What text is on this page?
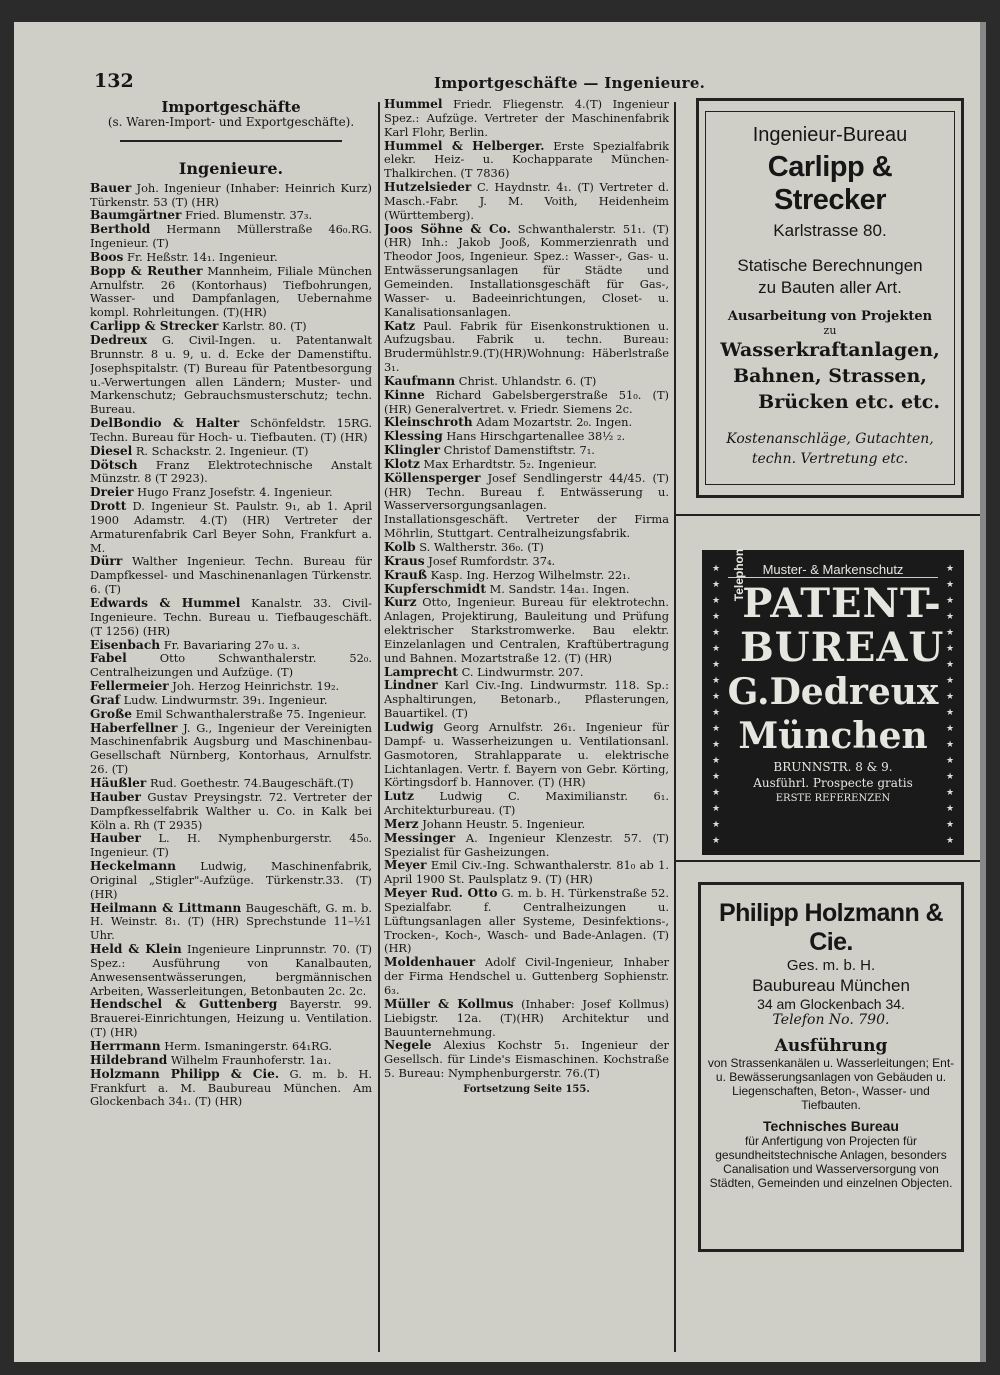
132	Importgeschäfte — Ingenieure.

Importgeschäfte

(s. Waren-Import- und Exportgeschäfte).

Ingenieure.

Bauer Joh. Ingenieur (Inhaber: Heinrich Kurz) Türkenstr. 53 (T) (HR)

Baumgärtner Fried. Blumenstr. 37₃.

Berthold Hermann Müllerstraße 46₀.RG. Ingenieur. (T)

Boos Fr. Heßstr. 14₁. Ingenieur.

Bopp & Reuther Mannheim, Filiale München Arnulfstr. 26 (Kontorhaus) Tiefbohrungen, Wasser- und Dampfanlagen, Uebernahme kompl. Rohrleitungen. (T)(HR)

Carlipp & Strecker Karlstr. 80. (T)

Dedreux G. Civil-Ingen. u. Patentanwalt Brunnstr. 8 u. 9, u. d. Ecke der Damenstiftu. Josephspitalstr. (T) Bureau für Patentbesorgung u.-Verwertungen allen Ländern; Muster- und Markenschutz; Gebrauchsmusterschutz; techn. Bureau.

DelBondio & Halter Schönfeldstr. 15RG. Techn. Bureau für Hoch- u. Tiefbauten. (T) (HR)

Diesel R. Schackstr. 2. Ingenieur. (T)

Dötsch Franz Elektrotechnische Anstalt Münzstr. 8 (T 2923).

Dreier Hugo Franz Josefstr. 4. Ingenieur.

Drott D. Ingenieur St. Paulstr. 9₁, ab 1. April 1900 Adamstr. 4.(T) (HR) Vertreter der Armaturenfabrik Carl Beyer Sohn, Frankfurt a. M.

Dürr Walther Ingenieur. Techn. Bureau für Dampfkessel- und Maschinenanlagen Türkenstr. 6. (T)

Edwards & Hummel Kanalstr. 33. Civil-Ingenieure. Techn. Bureau u. Tiefbaugeschäft. (T 1256) (HR)

Eisenbach Fr. Bavariaring 27₀ u. ₃.

Fabel Otto Schwanthalerstr. 52₀. Centralheizungen und Aufzüge. (T)

Fellermeier Joh. Herzog Heinrichstr. 19₂.

Graf Ludw. Lindwurmstr. 39₁. Ingenieur.

Große Emil Schwanthalerstraße 75. Ingenieur.

Haberfellner J. G., Ingenieur der Vereinigten Maschinenfabrik Augsburg und Maschinenbau-Gesellschaft Nürnberg, Kontorhaus, Arnulfstr. 26. (T)

Häußler Rud. Goethestr. 74.Baugeschäft.(T)

Hauber Gustav Preysingstr. 72. Vertreter der Dampfkesselfabrik Walther u. Co. in Kalk bei Köln a. Rh (T 2935)

Hauber L. H. Nymphenburgerstr. 45₀. Ingenieur. (T)

Heckelmann Ludwig, Maschinenfabrik, Original „Stigler"-Aufzüge. Türkenstr.33. (T) (HR)

Heilmann & Littmann Baugeschäft, G. m. b. H. Weinstr. 8₁. (T) (HR) Sprechstunde 11–½1 Uhr.

Held & Klein Ingenieure Linprunnstr. 70. (T) Spez.: Ausführung von Kanalbauten, Anwesensentwässerungen, bergmännischen Arbeiten, Wasserleitungen, Betonbauten 2c. 2c.

Hendschel & Guttenberg Bayerstr. 99. Brauerei-Einrichtungen, Heizung u. Ventilation. (T) (HR)

Herrmann Herm. Ismaningerstr. 64₁RG.

Hildebrand Wilhelm Fraunhoferstr. 1a₁.

Holzmann Philipp & Cie. G. m. b. H. Frankfurt a. M. Baubureau München. Am Glockenbach 34₁. (T) (HR)

Hummel Friedr. Fliegenstr. 4.(T) Ingenieur Spez.: Aufzüge. Vertreter der Maschinenfabrik Karl Flohr, Berlin.

Hummel & Helberger. Erste Spezialfabrik elekr. Heiz- u. Kochapparate München-Thalkirchen. (T 7836)

Hutzelsieder C. Haydnstr. 4₁. (T) Vertreter d. Masch.-Fabr. J. M. Voith, Heidenheim (Württemberg).

Joos Söhne & Co. Schwanthalerstr. 51₁. (T) (HR) Inh.: Jakob Jooß, Kommerzienrath und Theodor Joos, Ingenieur. Spez.: Wasser-, Gas- u. Entwässerungsanlagen für Städte und Gemeinden. Installationsgeschäft für Gas-, Wasser- u. Badeeinrichtungen, Closet- u. Kanalisationsanlagen.

Katz Paul. Fabrik für Eisenkonstruktionen u. Aufzugsbau. Fabrik u. techn. Bureau: Brudermühlstr.9.(T)(HR)Wohnung: Häberlstraße 3₁.

Kaufmann Christ. Uhlandstr. 6. (T)

Kinne Richard Gabelsbergerstraße 51₀. (T) (HR) Generalvertret. v. Friedr. Siemens 2c.

Kleinschroth Adam Mozartstr. 2₀. Ingen.

Klessing Hans Hirschgartenallee 38½ ₂.

Klingler Christof Damenstiftstr. 7₁.

Klotz Max Erhardtstr. 5₂. Ingenieur.

Köllensperger Josef Sendlingerstr 44/45. (T) (HR) Techn. Bureau f. Entwässerung u. Wasserversorgungsanlagen. Installationsgeschäft. Vertreter der Firma Möhrlin, Stuttgart. Centralheizungsfabrik.

Kolb S. Waltherstr. 36₀. (T)

Kraus Josef Rumfordstr. 37₄.

Krauß Kasp. Ing. Herzog Wilhelmstr. 22₁.

Kupferschmidt M. Sandstr. 14a₁. Ingen.

Kurz Otto, Ingenieur. Bureau für elektrotechn. Anlagen, Projektirung, Bauleitung und Prüfung elektrischer Starkstromwerke. Bau elektr. Einzelanlagen und Centralen, Kraftübertragung und Bahnen. Mozartstraße 12. (T) (HR)

Lamprecht C. Lindwurmstr. 207.

Lindner Karl Civ.-Ing. Lindwurmstr. 118. Sp.: Asphaltirungen, Betonarb., Pflasterungen, Bauartikel. (T)

Ludwig Georg Arnulfstr. 26₁. Ingenieur für Dampf- u. Wasserheizungen u. Ventilationsanl. Gasmotoren, Strahlapparate u. elektrische Lichtanlagen. Vertr. f. Bayern von Gebr. Körting, Körtingsdorf b. Hannover. (T) (HR)

Lutz Ludwig C. Maximilianstr. 6₁. Architekturbureau. (T)

Merz Johann Heustr. 5. Ingenieur.

Messinger A. Ingenieur Klenzestr. 57. (T) Spezialist für Gasheizungen.

Meyer Emil Civ.-Ing. Schwanthalerstr. 81₀ ab 1. April 1900 St. Paulsplatz 9. (T) (HR)

Meyer Rud. Otto G. m. b. H. Türkenstraße 52. Spezialfabr. f. Centralheizungen u. Lüftungsanlagen aller Systeme, Desinfektions-, Trocken-, Koch-, Wasch- und Bade-Anlagen. (T) (HR)

Moldenhauer Adolf Civil-Ingenieur, Inhaber der Firma Hendschel u. Guttenberg Sophienstr. 6₃.

Müller & Kollmus (Inhaber: Josef Kollmus) Liebigstr. 12a. (T)(HR) Architektur und Bauunternehmung.

Negele Alexius Kochstr 5₁. Ingenieur der Gesellsch. für Linde's Eismaschinen. Kochstraße 5. Bureau: Nymphenburgerstr. 76.(T)

Fortsetzung Seite 155.
Ingenieur-Bureau
Carlipp & Strecker
Karlstrasse 80.
Statische Berechnungen
zu Bauten aller Art.
Ausarbeitung von Projekten
zu
Wasserkraftanlagen,
Bahnen, Strassen,
Brücken etc. etc.
Kostenanschläge, Gutachten,
techn. Vertretung etc.
★ ★ ★ ★ ★ ★ ★ ★ ★ ★ ★ ★ ★ ★ ★ ★ ★ ★
★ ★ ★ ★ ★ ★ ★ ★ ★ ★ ★ ★ ★ ★ ★ ★ ★ ★
Muster- & Markenschutz
Telephon
PATENT-
BUREAU
G.Dedreux
München
BRUNNSTR. 8 & 9.
Ausführl. Prospecte gratis
ERSTE REFERENZEN
Philipp Holzmann & Cie.
Ges. m. b. H.
Baubureau München
34 am Glockenbach 34.
Telefon No. 790.
Ausführung
von Strassenkanälen u. Wasserleitungen; Ent- u. Bewässerungsanlagen von Gebäuden u. Liegenschaften, Beton-, Wasser- und Tiefbauten.
Technisches Bureau
für Anfertigung von Projecten für gesundheitstechnische Anlagen, besonders Canalisation und Wasserversorgung von Städten, Gemeinden und einzelnen Objecten.
